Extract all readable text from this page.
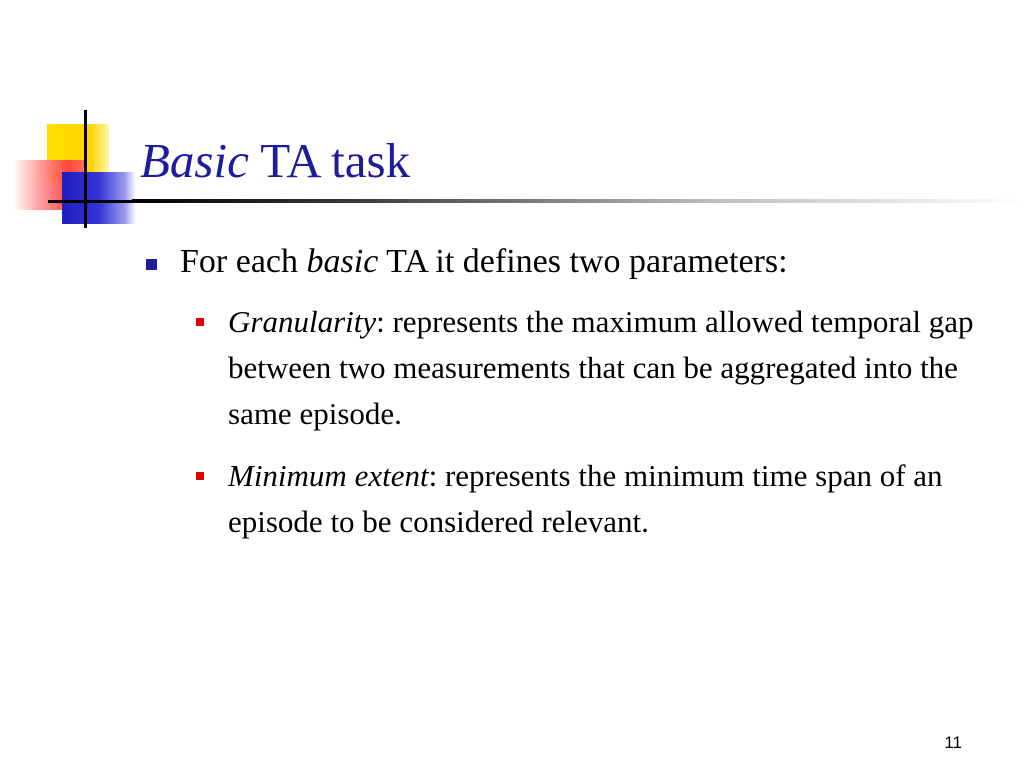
Basic TA task
For each basic TA it defines two parameters:
Granularity: represents the maximum allowed temporal gap between two measurements that can be aggregated into the same episode.
Minimum extent: represents the minimum time span of an episode to be considered relevant.
11
